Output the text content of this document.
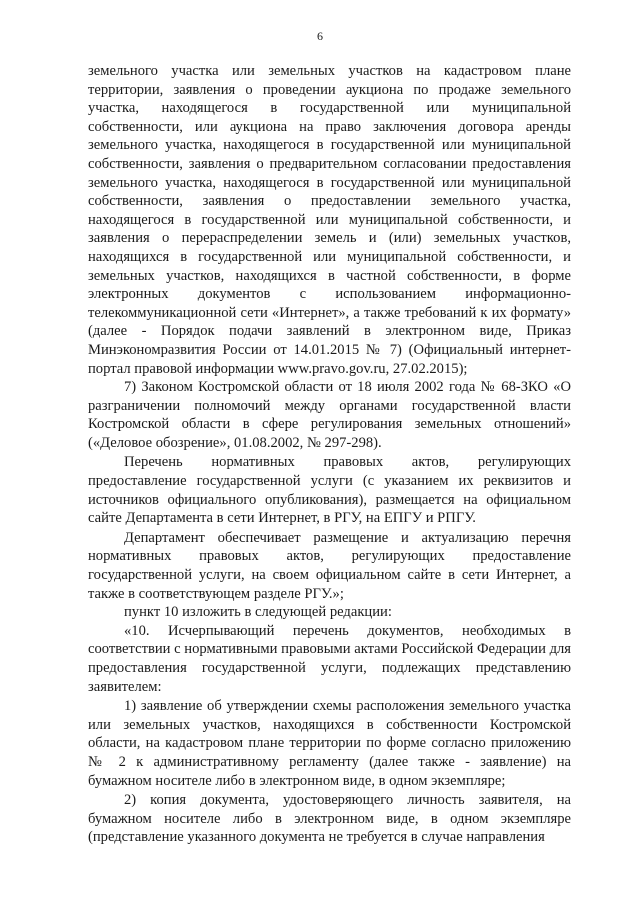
6

земельного участка или земельных участков на кадастровом плане территории, заявления о проведении аукциона по продаже земельного участка, находящегося в государственной или муниципальной собственности, или аукциона на право заключения договора аренды земельного участка, находящегося в государственной или муниципальной собственности, заявления о предварительном согласовании предоставления земельного участка, находящегося в государственной или муниципальной собственности, заявления о предоставлении земельного участка, находящегося в государственной или муниципальной собственности, и заявления о перераспределении земель и (или) земельных участков, находящихся в государственной или муниципальной собственности, и земельных участков, находящихся в частной собственности, в форме электронных документов с использованием информационно-телекоммуникационной сети «Интернет», а также требований к их формату» (далее - Порядок подачи заявлений в электронном виде, Приказ Минэкономразвития России от 14.01.2015 № 7) (Официальный интернет-портал правовой информации www.pravo.gov.ru, 27.02.2015);

7) Законом Костромской области от 18 июля 2002 года № 68-ЗКО «О разграничении полномочий между органами государственной власти Костромской области в сфере регулирования земельных отношений» («Деловое обозрение», 01.08.2002, № 297-298).

Перечень нормативных правовых актов, регулирующих предоставление государственной услуги (с указанием их реквизитов и источников официального опубликования), размещается на официальном сайте Департамента в сети Интернет, в РГУ, на ЕПГУ и РПГУ.

Департамент обеспечивает размещение и актуализацию перечня нормативных правовых актов, регулирующих предоставление государственной услуги, на своем официальном сайте в сети Интернет, а также в соответствующем разделе РГУ.»;

пункт 10 изложить в следующей редакции:

«10. Исчерпывающий перечень документов, необходимых в соответствии с нормативными правовыми актами Российской Федерации для предоставления государственной услуги, подлежащих представлению заявителем:

1) заявление об утверждении схемы расположения земельного участка или земельных участков, находящихся в собственности Костромской области, на кадастровом плане территории по форме согласно приложению № 2 к административному регламенту (далее также - заявление) на бумажном носителе либо в электронном виде, в одном экземпляре;

2) копия документа, удостоверяющего личность заявителя, на бумажном носителе либо в электронном виде, в одном экземпляре (представление указанного документа не требуется в случае направления
